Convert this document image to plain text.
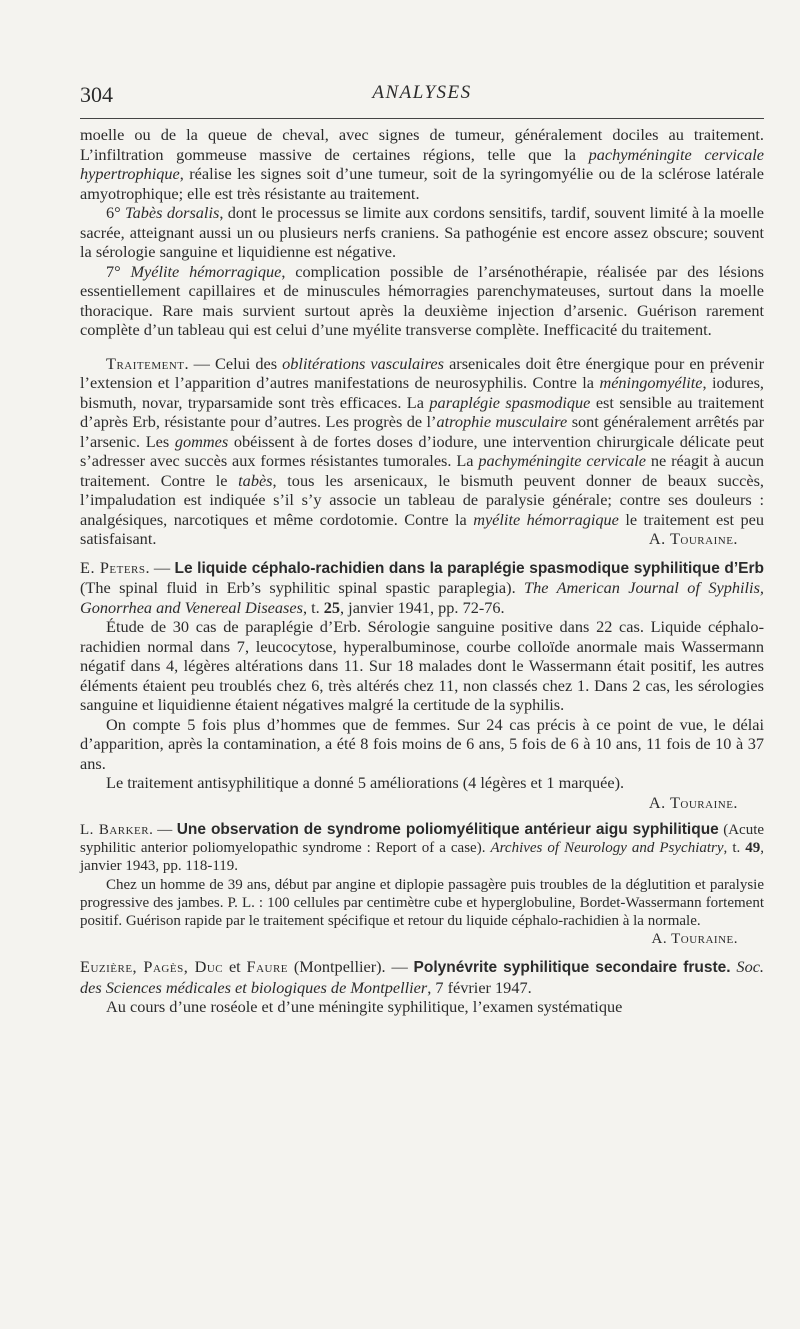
304	ANALYSES

moelle ou de la queue de cheval, avec signes de tumeur, généralement dociles au traitement. L’infiltration gommeuse massive de certaines régions, telle que la pachyméningite cervicale hypertrophique, réalise les signes soit d’une tumeur, soit de la syringomyélie ou de la sclérose latérale amyotrophique; elle est très résistante au traitement.

6° Tabès dorsalis, dont le processus se limite aux cordons sensitifs, tardif, souvent limité à la moelle sacrée, atteignant aussi un ou plusieurs nerfs craniens. Sa pathogénie est encore assez obscure; souvent la sérologie sanguine et liquidienne est négative.

7° Myélite hémorragique, complication possible de l’arsénothérapie, réalisée par des lésions essentiellement capillaires et de minuscules hémorragies parenchymateuses, surtout dans la moelle thoracique. Rare mais survient surtout après la deuxième injection d’arsenic. Guérison rarement complète d’un tableau qui est celui d’une myélite transverse complète. Inefficacité du traitement.

Traitement. — Celui des oblitérations vasculaires arsenicales doit être énergique pour en prévenir l’extension et l’apparition d’autres manifestations de neurosyphilis. Contre la méningomyélite, iodures, bismuth, novar, tryparsamide sont très efficaces. La paraplégie spasmodique est sensible au traitement d’après Erb, résistante pour d’autres. Les progrès de l’atrophie musculaire sont généralement arrêtés par l’arsenic. Les gommes obéissent à de fortes doses d’iodure, une intervention chirurgicale délicate peut s’adresser avec succès aux formes résistantes tumorales. La pachyméningite cervicale ne réagit à aucun traitement. Contre le tabès, tous les arsenicaux, le bismuth peuvent donner de beaux succès, l’impaludation est indiquée s’il s’y associe un tableau de paralysie générale; contre ses douleurs : analgésiques, narcotiques et même cordotomie. Contre la myélite hémorragique le traitement est peu satisfaisant.	A. Touraine.

E. Peters. — Le liquide céphalo-rachidien dans la paraplégie spasmodique syphilitique d’Erb (The spinal fluid in Erb’s syphilitic spinal spastic paraplegia). The American Journal of Syphilis, Gonorrhea and Venereal Diseases, t. 25, janvier 1941, pp. 72-76.

Étude de 30 cas de paraplégie d’Erb. Sérologie sanguine positive dans 22 cas. Liquide céphalo-rachidien normal dans 7, leucocytose, hyperalbuminose, courbe colloïde anormale mais Wassermann négatif dans 4, légères altérations dans 11. Sur 18 malades dont le Wassermann était positif, les autres éléments étaient peu troublés chez 6, très altérés chez 11, non classés chez 1. Dans 2 cas, les sérologies sanguine et liquidienne étaient négatives malgré la certitude de la syphilis.

On compte 5 fois plus d’hommes que de femmes. Sur 24 cas précis à ce point de vue, le délai d’apparition, après la contamination, a été 8 fois moins de 6 ans, 5 fois de 6 à 10 ans, 11 fois de 10 à 37 ans.

Le traitement antisyphilitique a donné 5 améliorations (4 légères et 1 marquée).

A. Touraine.

L. Barker. — Une observation de syndrome poliomyélitique antérieur aigu syphilitique (Acute syphilitic anterior poliomyelopathic syndrome : Report of a case). Archives of Neurology and Psychiatry, t. 49, janvier 1943, pp. 118-119.

Chez un homme de 39 ans, début par angine et diplopie passagère puis troubles de la déglutition et paralysie progressive des jambes. P. L. : 100 cellules par centimètre cube et hyperglobuline, Bordet-Wassermann fortement positif. Guérison rapide par le traitement spécifique et retour du liquide céphalo-rachidien à la normale.

A. Touraine.

Euzière, Pagès, Duc et Faure (Montpellier). — Polynévrite syphilitique secondaire fruste. Soc. des Sciences médicales et biologiques de Montpellier, 7 février 1947.

Au cours d’une roséole et d’une méningite syphilitique, l’examen systématique
